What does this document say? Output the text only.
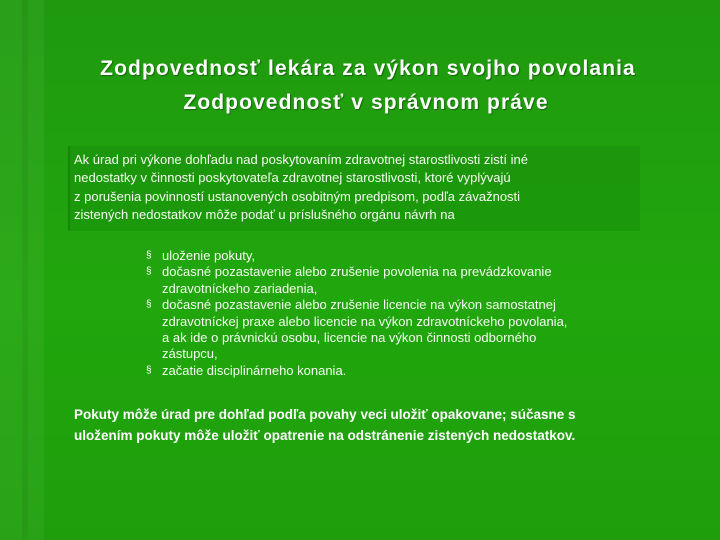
Zodpovednosť lekára za výkon svojho povolania
Zodpovednosť v správnom práve

Ak úrad pri výkone dohľadu nad poskytovaním zdravotnej starostlivosti zistí iné
nedostatky v činnosti poskytovateľa zdravotnej starostlivosti, ktoré vyplývajú
z porušenia povinností ustanovených osobitným predpisom, podľa závažnosti
zistených nedostatkov môže podať u príslušného orgánu návrh na

§ uloženie pokuty,
§ dočasné pozastavenie alebo zrušenie povolenia na prevádzkovanie
zdravotníckeho zariadenia,
§ dočasné pozastavenie alebo zrušenie licencie na výkon samostatnej
zdravotníckej praxe alebo licencie na výkon zdravotníckeho povolania,
a ak ide o právnickú osobu, licencie na výkon činnosti odborného
zástupcu,
§ začatie disciplinárneho konania.

Pokuty môže úrad pre dohľad podľa povahy veci uložiť opakovane; súčasne s
uložením pokuty môže uložiť opatrenie na odstránenie zistených nedostatkov.
